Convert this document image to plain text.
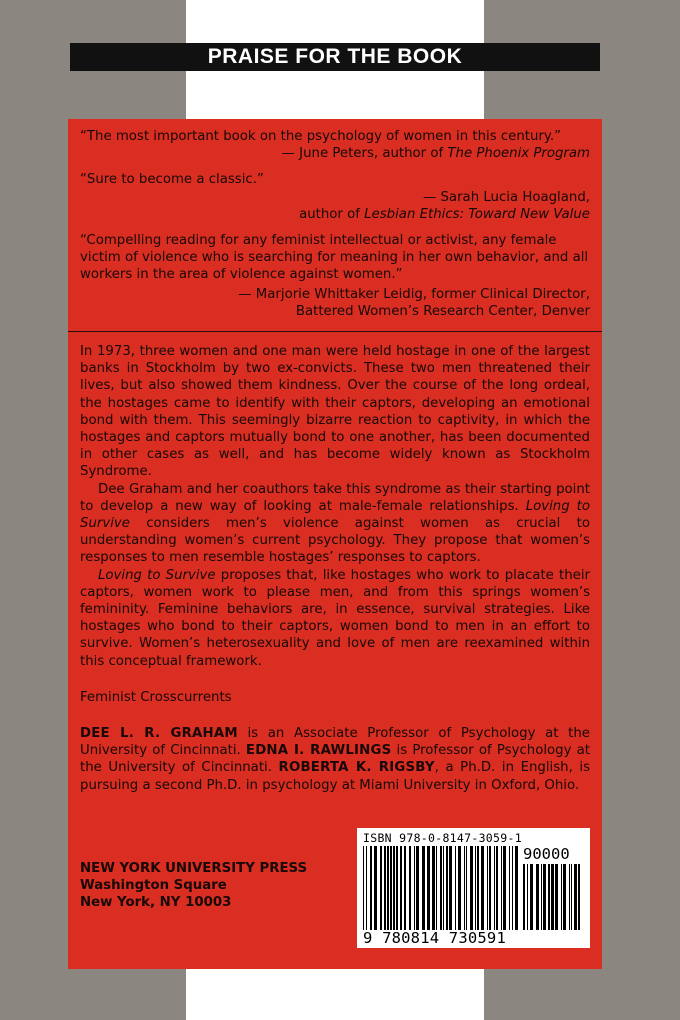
PRAISE FOR THE BOOK

“The most important book on the psychology of women in this century.”

— June Peters, author of The Phoenix Program

“Sure to become a classic.”

— Sarah Lucia Hoagland,

author of Lesbian Ethics: Toward New Value

“Compelling reading for any feminist intellectual or activist, any female victim of violence who is searching for meaning in her own behavior, and all workers in the area of violence against women.”

— Marjorie Whittaker Leidig, former Clinical Director,

Battered Women’s Research Center, Denver

In 1973, three women and one man were held hostage in one of the largest banks in Stockholm by two ex-convicts. These two men threatened their lives, but also showed them kindness. Over the course of the long ordeal, the hostages came to identify with their captors, developing an emotional bond with them. This seemingly bizarre reaction to captivity, in which the hostages and captors mutually bond to one another, has been documented in other cases as well, and has become widely known as Stockholm Syndrome.

Dee Graham and her coauthors take this syndrome as their starting point to develop a new way of looking at male-female relationships. Loving to Survive considers men’s violence against women as crucial to understanding women’s current psychology. They propose that women’s responses to men resemble hostages’ responses to captors.

Loving to Survive proposes that, like hostages who work to placate their captors, women work to please men, and from this springs women’s femininity. Feminine behaviors are, in essence, survival strategies. Like hostages who bond to their captors, women bond to men in an effort to survive. Women’s heterosexuality and love of men are reexamined within this conceptual framework.

Feminist Crosscurrents
DEE L. R. GRAHAM is an Associate Professor of Psychology at the University of Cincinnati. EDNA I. RAWLINGS is Professor of Psychology at the University of Cincinnati. ROBERTA K. RIGSBY, a Ph.D. in English, is pursuing a second Ph.D. in psychology at Miami University in Oxford, Ohio.
NEW YORK UNIVERSITY PRESS
Washington Square
New York, NY 10003
ISBN 978-0-8147-3059-1
90000
9 780814 730591
